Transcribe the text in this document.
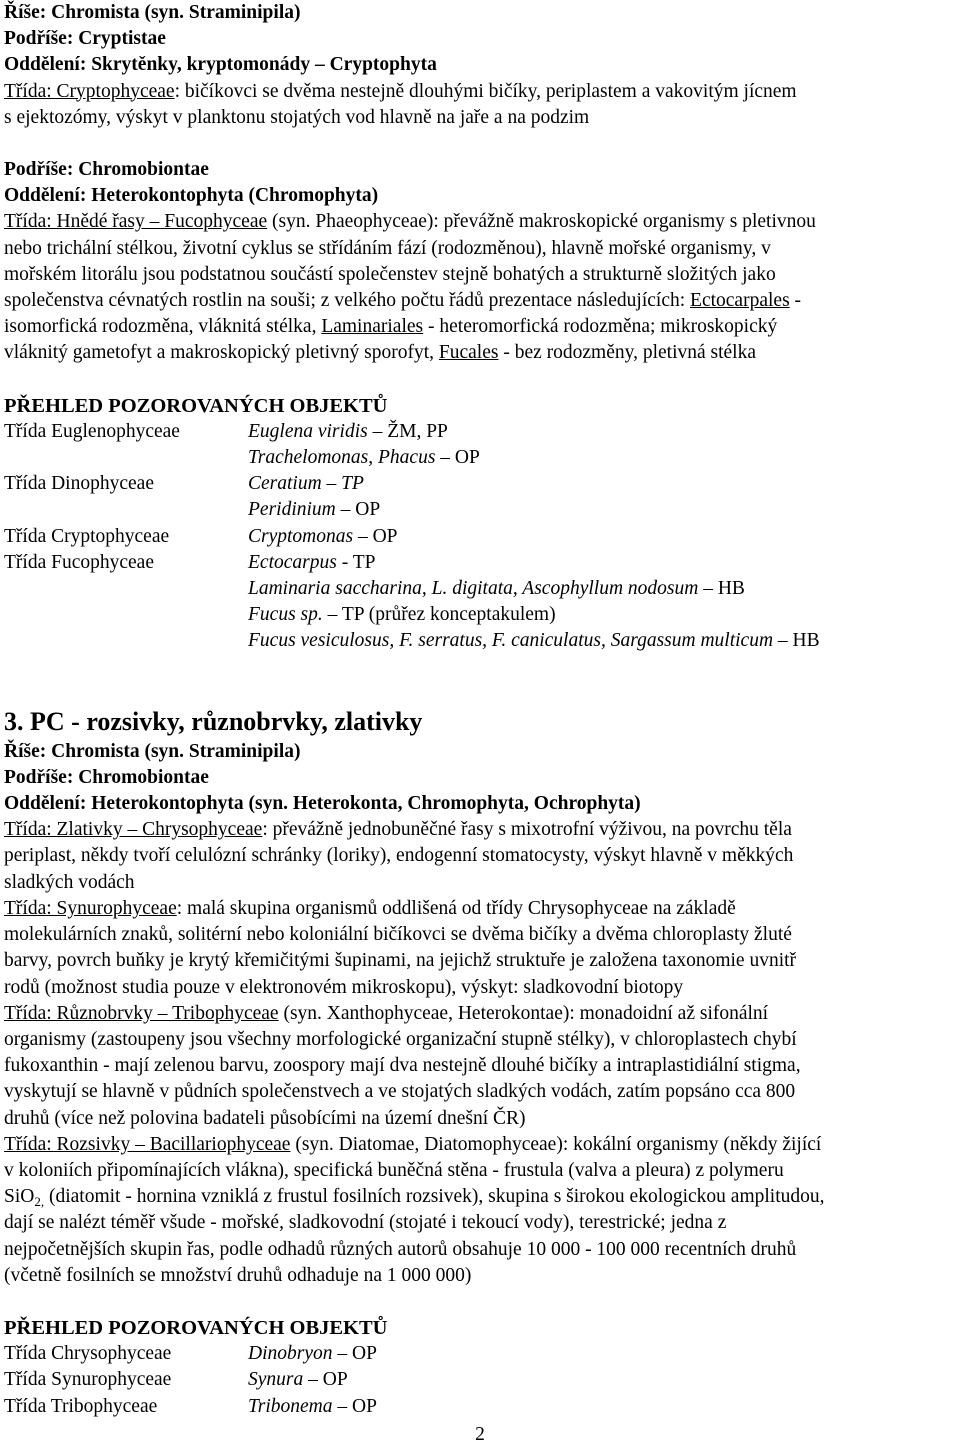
Říše: Chromista (syn. Straminipila)
Podříše: Cryptistae
Oddělení: Skrytěnky, kryptomonády – Cryptophyta
Třída: Cryptophyceae: bičíkovci se dvěma nestejně dlouhými bičíky, periplastem a vakovitým jícnem
s ejektozómy, výskyt v planktonu stojatých vod hlavně na jaře a na podzim
Podříše: Chromobiontae
Oddělení: Heterokontophyta (Chromophyta)
Třída: Hnědé řasy – Fucophyceae (syn. Phaeophyceae): převážně makroskopické organismy s pletivnou
nebo trichální stélkou, životní cyklus se střídáním fází (rodozměnou), hlavně mořské organismy, v
mořském litorálu jsou podstatnou součástí společenstev stejně bohatých a strukturně složitých jako
společenstva cévnatých rostlin na souši; z velkého počtu řádů prezentace následujících: Ectocarpales -
isomorfická rodozměna, vláknitá stélka, Laminariales - heteromorfická rodozměna; mikroskopický
vláknitý gametofyt a makroskopický pletivný sporofyt, Fucales - bez rodozměny, pletivná stélka
PŘEHLED POZOROVANÝCH OBJEKTŮ
Třída Euglenophyceae	Euglena viridis – ŽM, PP
Trachelomonas, Phacus – OP
Třída Dinophyceae	Ceratium – TP
Peridinium – OP
Třída Cryptophyceae	Cryptomonas – OP
Třída Fucophyceae	Ectocarpus - TP
Laminaria saccharina, L. digitata, Ascophyllum nodosum – HB
Fucus sp. – TP (průřez konceptakulem)
Fucus vesiculosus, F. serratus, F. caniculatus, Sargassum multicum – HB
3. PC - rozsivky, různobrvky, zlativky
Říše: Chromista (syn. Straminipila)
Podříše: Chromobiontae
Oddělení: Heterokontophyta (syn. Heterokonta, Chromophyta, Ochrophyta)
Třída: Zlativky – Chrysophyceae: převážně jednobuněčné řasy s mixotrofní výživou, na povrchu těla
periplast, někdy tvoří celulózní schránky (loriky), endogenní stomatocysty, výskyt hlavně v měkkých
sladkých vodách
Třída: Synurophyceae: malá skupina organismů oddlišená od třídy Chrysophyceae na základě
molekulárních znaků, solitérní nebo koloniální bičíkovci se dvěma bičíky a dvěma chloroplasty žluté
barvy, povrch buňky je krytý křemičitými šupinami, na jejichž struktuře je založena taxonomie uvnitř
rodů (možnost studia pouze v elektronovém mikroskopu), výskyt: sladkovodní biotopy
Třída: Různobrvky – Tribophyceae (syn. Xanthophyceae, Heterokontae): monadoidní až sifonální
organismy (zastoupeny jsou všechny morfologické organizační stupně stélky), v chloroplastech chybí
fukoxanthin - mají zelenou barvu, zoospory mají dva nestejně dlouhé bičíky a intraplastidiální stigma,
vyskytují se hlavně v půdních společenstvech a ve stojatých sladkých vodách, zatím popsáno cca 800
druhů (více než polovina badateli působícími na území dnešní ČR)
Třída: Rozsivky – Bacillariophyceae (syn. Diatomae, Diatomophyceae): kokální organismy (někdy žijící
v koloniích připomínajících vlákna), specifická buněčná stěna - frustula (valva a pleura) z polymeru
SiO$_{2,}$ (diatomit - hornina vzniklá z frustul fosilních rozsivek), skupina s širokou ekologickou amplitudou,
dají se nalézt téměř všude - mořské, sladkovodní (stojaté i tekoucí vody), terestrické; jedna z
nejpočetnějších skupin řas, podle odhadů různých autorů obsahuje 10 000 - 100 000 recentních druhů
(včetně fosilních se množství druhů odhaduje na 1 000 000)
PŘEHLED POZOROVANÝCH OBJEKTŮ
Třída Chrysophyceae	Dinobryon – OP
Třída Synurophyceae	Synura – OP
Třída Tribophyceae	Tribonema – OP
2
